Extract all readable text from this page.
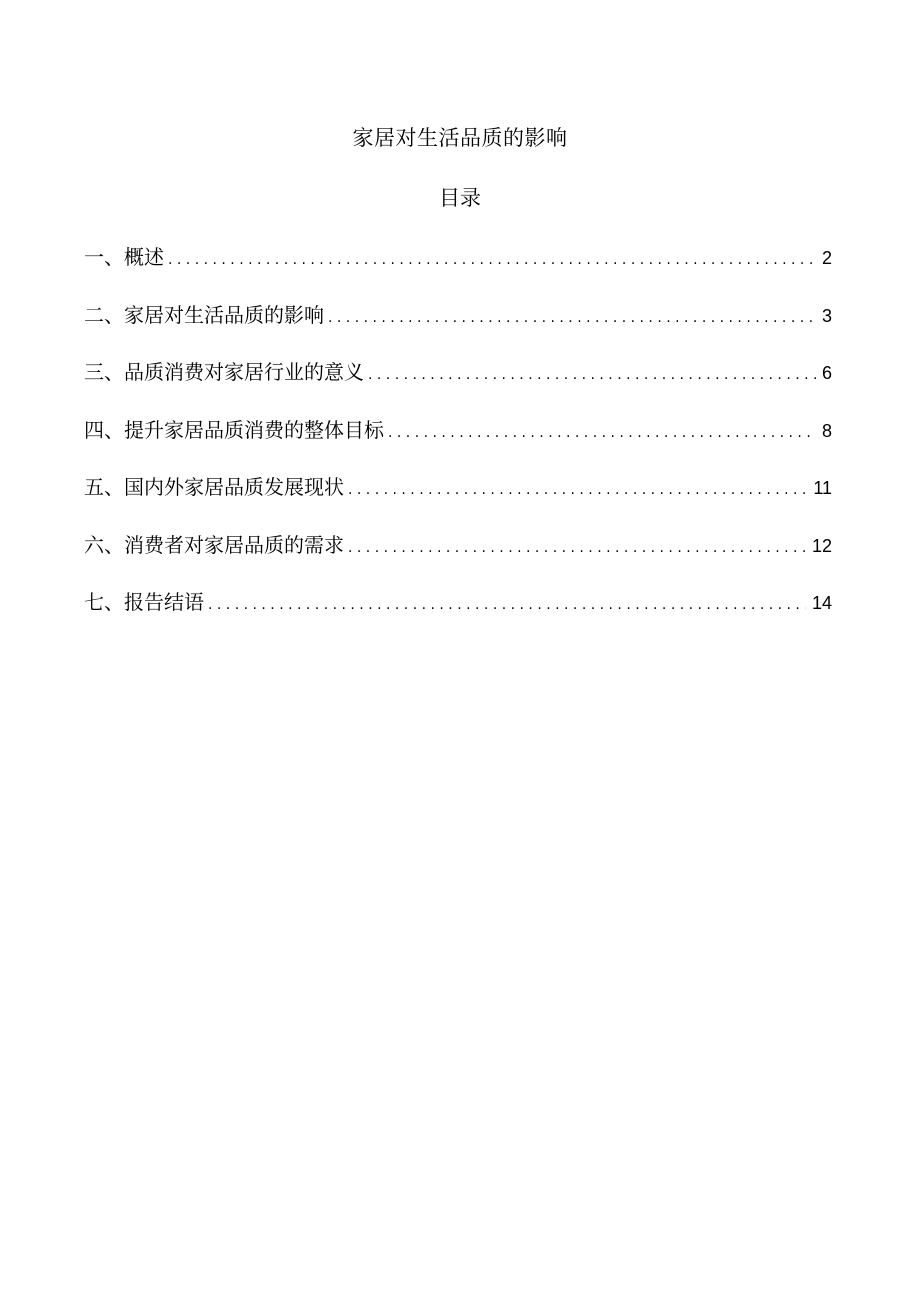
家居对生活品质的影响
目录
一、概述 . . .	2
二、家居对生活品质的影响 . . .	3
三、品质消费对家居行业的意义 . . .	6
四、提升家居品质消费的整体目标 . . .	8
五、国内外家居品质发展现状 . . .	11
六、消费者对家居品质的需求 . . .	12
七、报告结语 . . .	14
